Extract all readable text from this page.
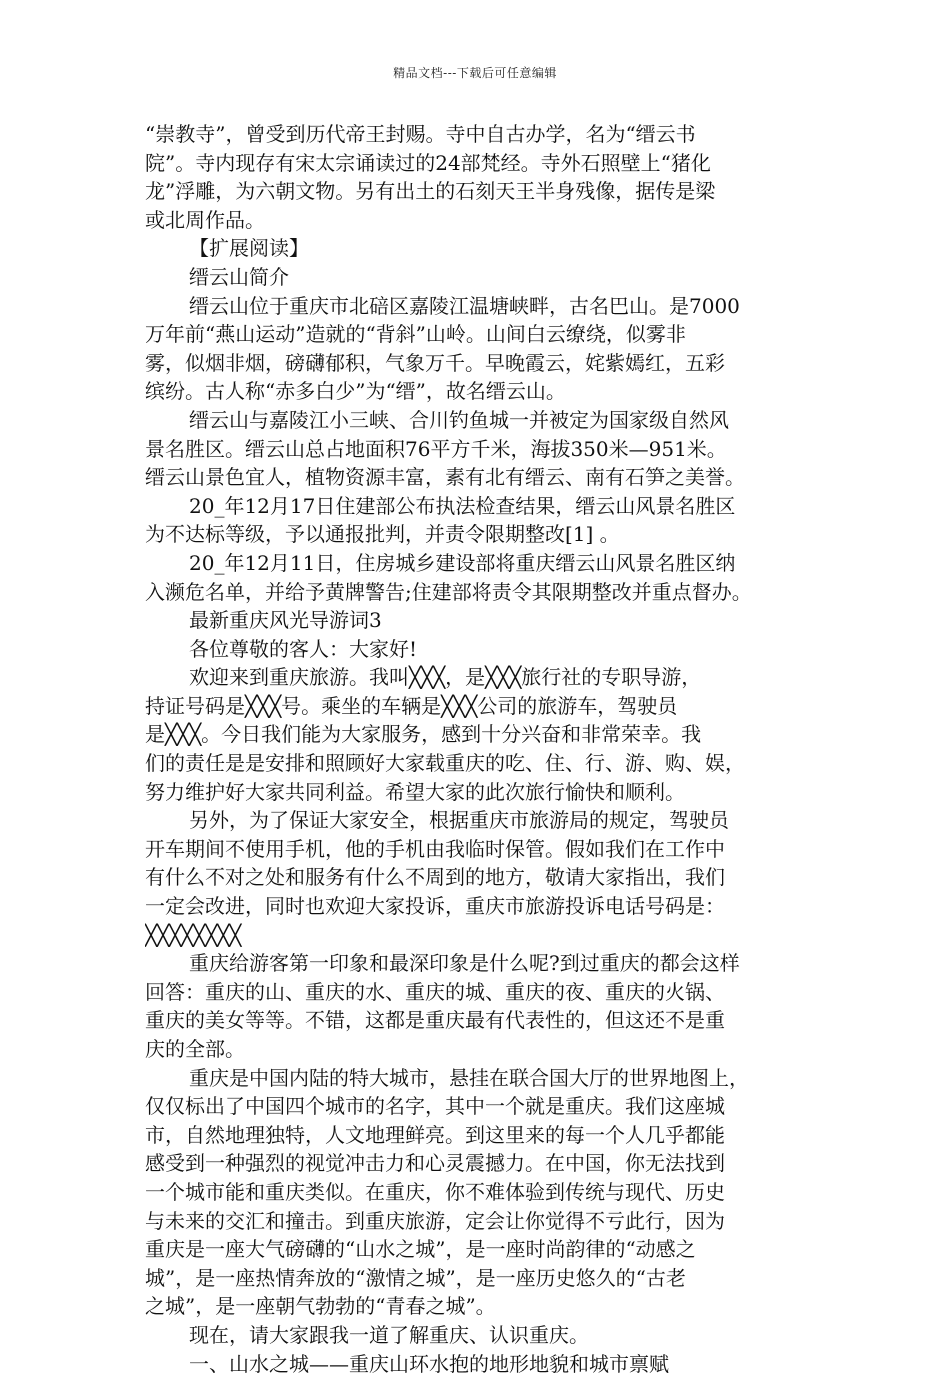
精品文档---下载后可任意编辑
“崇教寺”，曾受到历代帝王封赐。寺中自古办学，名为“缙云书
院”。寺内现存有宋太宗诵读过的24部梵经。寺外石照壁上“猪化
龙”浮雕，为六朝文物。另有出土的石刻天王半身残像，据传是梁
或北周作品。
【扩展阅读】
缙云山简介
缙云山位于重庆市北碚区嘉陵江温塘峡畔，古名巴山。是7000
万年前“燕山运动”造就的“背斜”山岭。山间白云缭绕，似雾非
雾，似烟非烟，磅礴郁积，气象万千。早晚霞云，姹紫嫣红，五彩
缤纷。古人称“赤多白少”为“缙”，故名缙云山。
缙云山与嘉陵江小三峡、合川钓鱼城一并被定为国家级自然风
景名胜区。缙云山总占地面积76平方千米，海拔350米—951米。
缙云山景色宜人，植物资源丰富，素有北有缙云、南有石笋之美誉。
20_年12月17日住建部公布执法检查结果，缙云山风景名胜区
为不达标等级，予以通报批判，并责令限期整改[1] 。
20_年12月11日，住房城乡建设部将重庆缙云山风景名胜区纳
入濒危名单，并给予黄牌警告;住建部将责令其限期整改并重点督办。
最新重庆风光导游词3
各位尊敬的客人：大家好!
欢迎来到重庆旅游。我叫╳╳╳，是╳╳╳旅行社的专职导游，
持证号码是╳╳╳号。乘坐的车辆是╳╳╳公司的旅游车，驾驶员
是╳╳╳。今日我们能为大家服务，感到十分兴奋和非常荣幸。我
们的责任是是安排和照顾好大家载重庆的吃、住、行、游、购、娱，
努力维护好大家共同利益。希望大家的此次旅行愉快和顺利。
另外，为了保证大家安全，根据重庆市旅游局的规定，驾驶员
开车期间不使用手机，他的手机由我临时保管。假如我们在工作中
有什么不对之处和服务有什么不周到的地方，敬请大家指出，我们
一定会改进，同时也欢迎大家投诉，重庆市旅游投诉电话号码是：
╳╳╳╳╳╳╳╳
重庆给游客第一印象和最深印象是什么呢?到过重庆的都会这样
回答：重庆的山、重庆的水、重庆的城、重庆的夜、重庆的火锅、
重庆的美女等等。不错，这都是重庆最有代表性的，但这还不是重
庆的全部。
重庆是中国内陆的特大城市，悬挂在联合国大厅的世界地图上，
仅仅标出了中国四个城市的名字，其中一个就是重庆。我们这座城
市，自然地理独特，人文地理鲜亮。到这里来的每一个人几乎都能
感受到一种强烈的视觉冲击力和心灵震撼力。在中国，你无法找到
一个城市能和重庆类似。在重庆，你不难体验到传统与现代、历史
与未来的交汇和撞击。到重庆旅游，定会让你觉得不亏此行，因为
重庆是一座大气磅礴的“山水之城”，是一座时尚韵律的“动感之
城”，是一座热情奔放的“激情之城”，是一座历史悠久的“古老
之城”，是一座朝气勃勃的“青春之城”。
现在，请大家跟我一道了解重庆、认识重庆。
一、山水之城——重庆山环水抱的地形地貌和城市禀赋
